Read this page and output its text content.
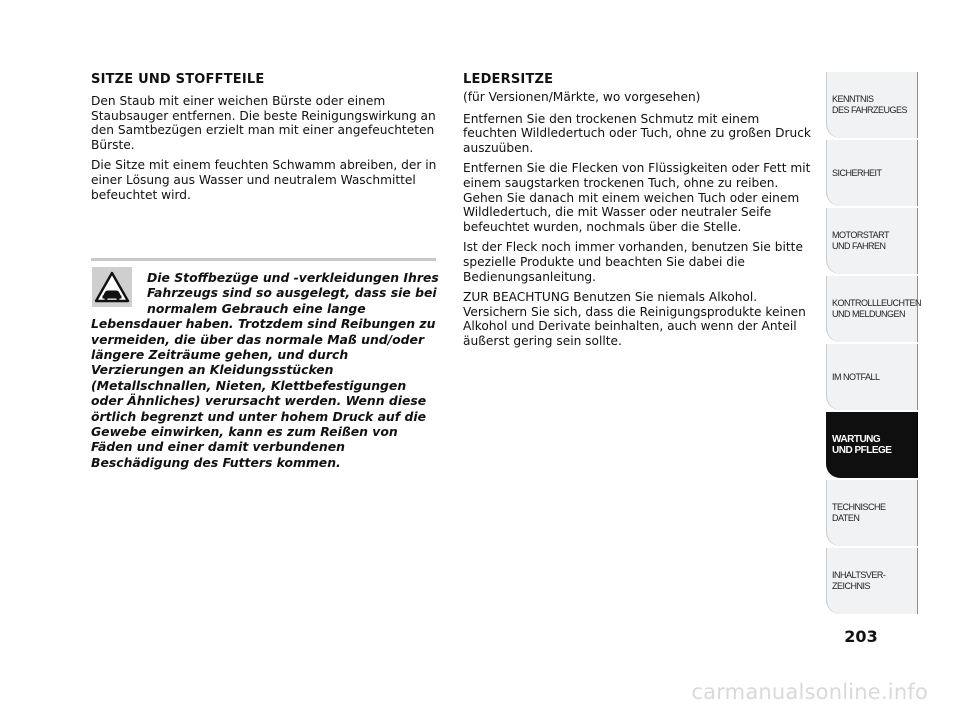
SITZE UND STOFFTEILE

Den Staub mit einer weichen Bürste oder einem Staubsauger entfernen. Die beste Reinigungswirkung an den Samtbezügen erzielt man mit einer angefeuchteten Bürste.

Die Sitze mit einem feuchten Schwamm abreiben, der in einer Lösung aus Wasser und neutralem Waschmittel befeuchtet wird.

Die Stoffbezüge und -verkleidungen Ihres Fahrzeugs sind so ausgelegt, dass sie bei normalem Gebrauch eine lange
Lebensdauer haben. Trotzdem sind Reibungen zu vermeiden, die über das normale Maß und/oder längere Zeiträume gehen, und durch Verzierungen an Kleidungsstücken (Metallschnallen, Nieten, Klettbefestigungen oder Ähnliches) verursacht werden. Wenn diese örtlich begrenzt und unter hohem Druck auf die Gewebe einwirken, kann es zum Reißen von Fäden und einer damit verbundenen Beschädigung des Futters kommen.

LEDERSITZE

(für Versionen/Märkte, wo vorgesehen)

Entfernen Sie den trockenen Schmutz mit einem feuchten Wildledertuch oder Tuch, ohne zu großen Druck auszuüben.

Entfernen Sie die Flecken von Flüssigkeiten oder Fett mit einem saugstarken trockenen Tuch, ohne zu reiben. Gehen Sie danach mit einem weichen Tuch oder einem Wildledertuch, die mit Wasser oder neutraler Seife befeuchtet wurden, nochmals über die Stelle.

Ist der Fleck noch immer vorhanden, benutzen Sie bitte spezielle Produkte und beachten Sie dabei die Bedienungsanleitung.

ZUR BEACHTUNG Benutzen Sie niemals Alkohol. Versichern Sie sich, dass die Reinigungsprodukte keinen Alkohol und Derivate beinhalten, auch wenn der Anteil äußerst gering sein sollte.

KENNTNIS
DES FAHRZEUGES
SICHERHEIT
MOTORSTART
UND FAHREN
KONTROLLLEUCHTEN
UND MELDUNGEN
IM NOTFALL
WARTUNG
UND PFLEGE
TECHNISCHE
DATEN
INHALTSVER-
ZEICHNIS
203
carmanualsonline.info
